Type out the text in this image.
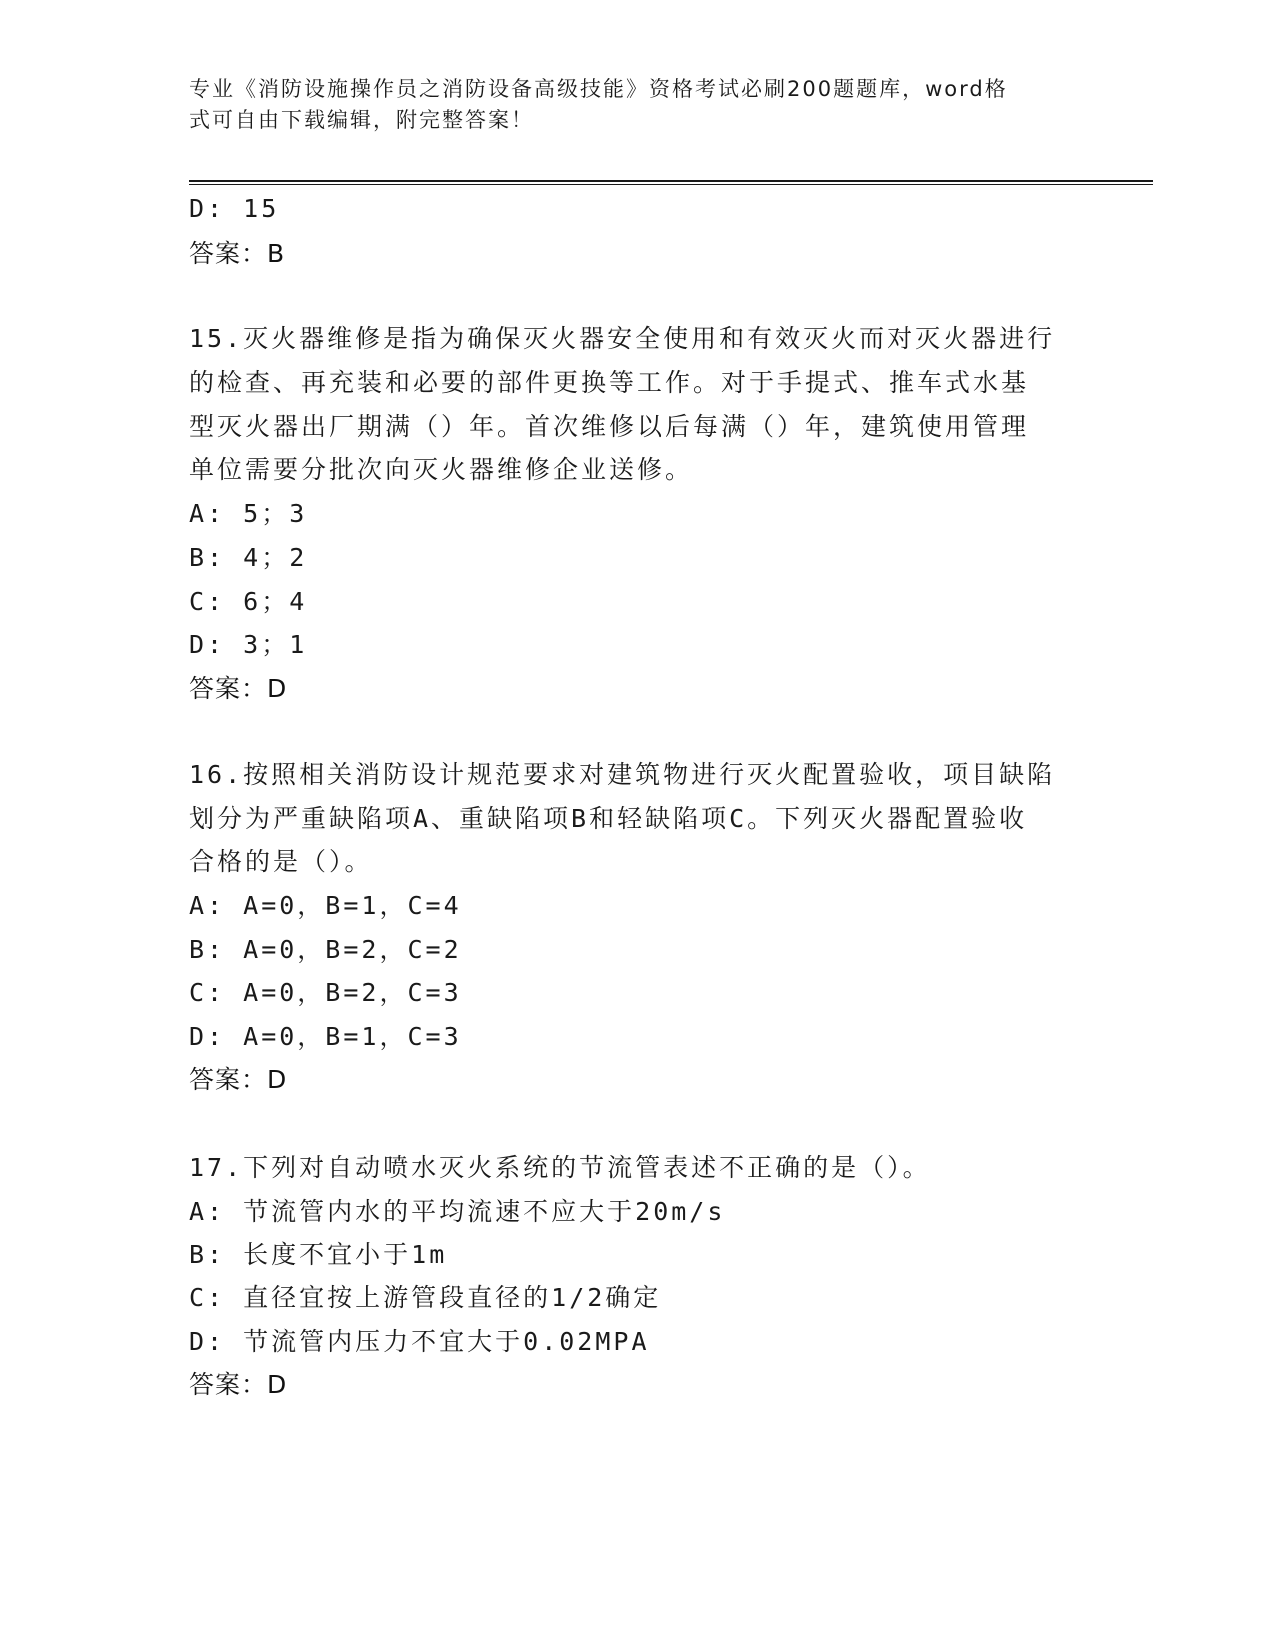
专业《消防设施操作员之消防设备高级技能》资格考试必刷200题题库，word格
式可自由下载编辑，附完整答案！
D: 15
答案：B
15.灭火器维修是指为确保灭火器安全使用和有效灭火而对灭火器进行
的检查、再充装和必要的部件更换等工作。对于手提式、推车式水基
型灭火器出厂期满（）年。首次维修以后每满（）年，建筑使用管理
单位需要分批次向灭火器维修企业送修。
A: 5；3
B: 4；2
C: 6；4
D: 3；1
答案：D
16.按照相关消防设计规范要求对建筑物进行灭火配置验收，项目缺陷
划分为严重缺陷项A、重缺陷项B和轻缺陷项C。下列灭火器配置验收
合格的是（）。
A: A=0，B=1，C=4
B: A=0，B=2，C=2
C: A=0，B=2，C=3
D: A=0，B=1，C=3
答案：D
17.下列对自动喷水灭火系统的节流管表述不正确的是（）。
A: 节流管内水的平均流速不应大于20m/s
B: 长度不宜小于1m
C: 直径宜按上游管段直径的1/2确定
D: 节流管内压力不宜大于0.02MPA
答案：D
